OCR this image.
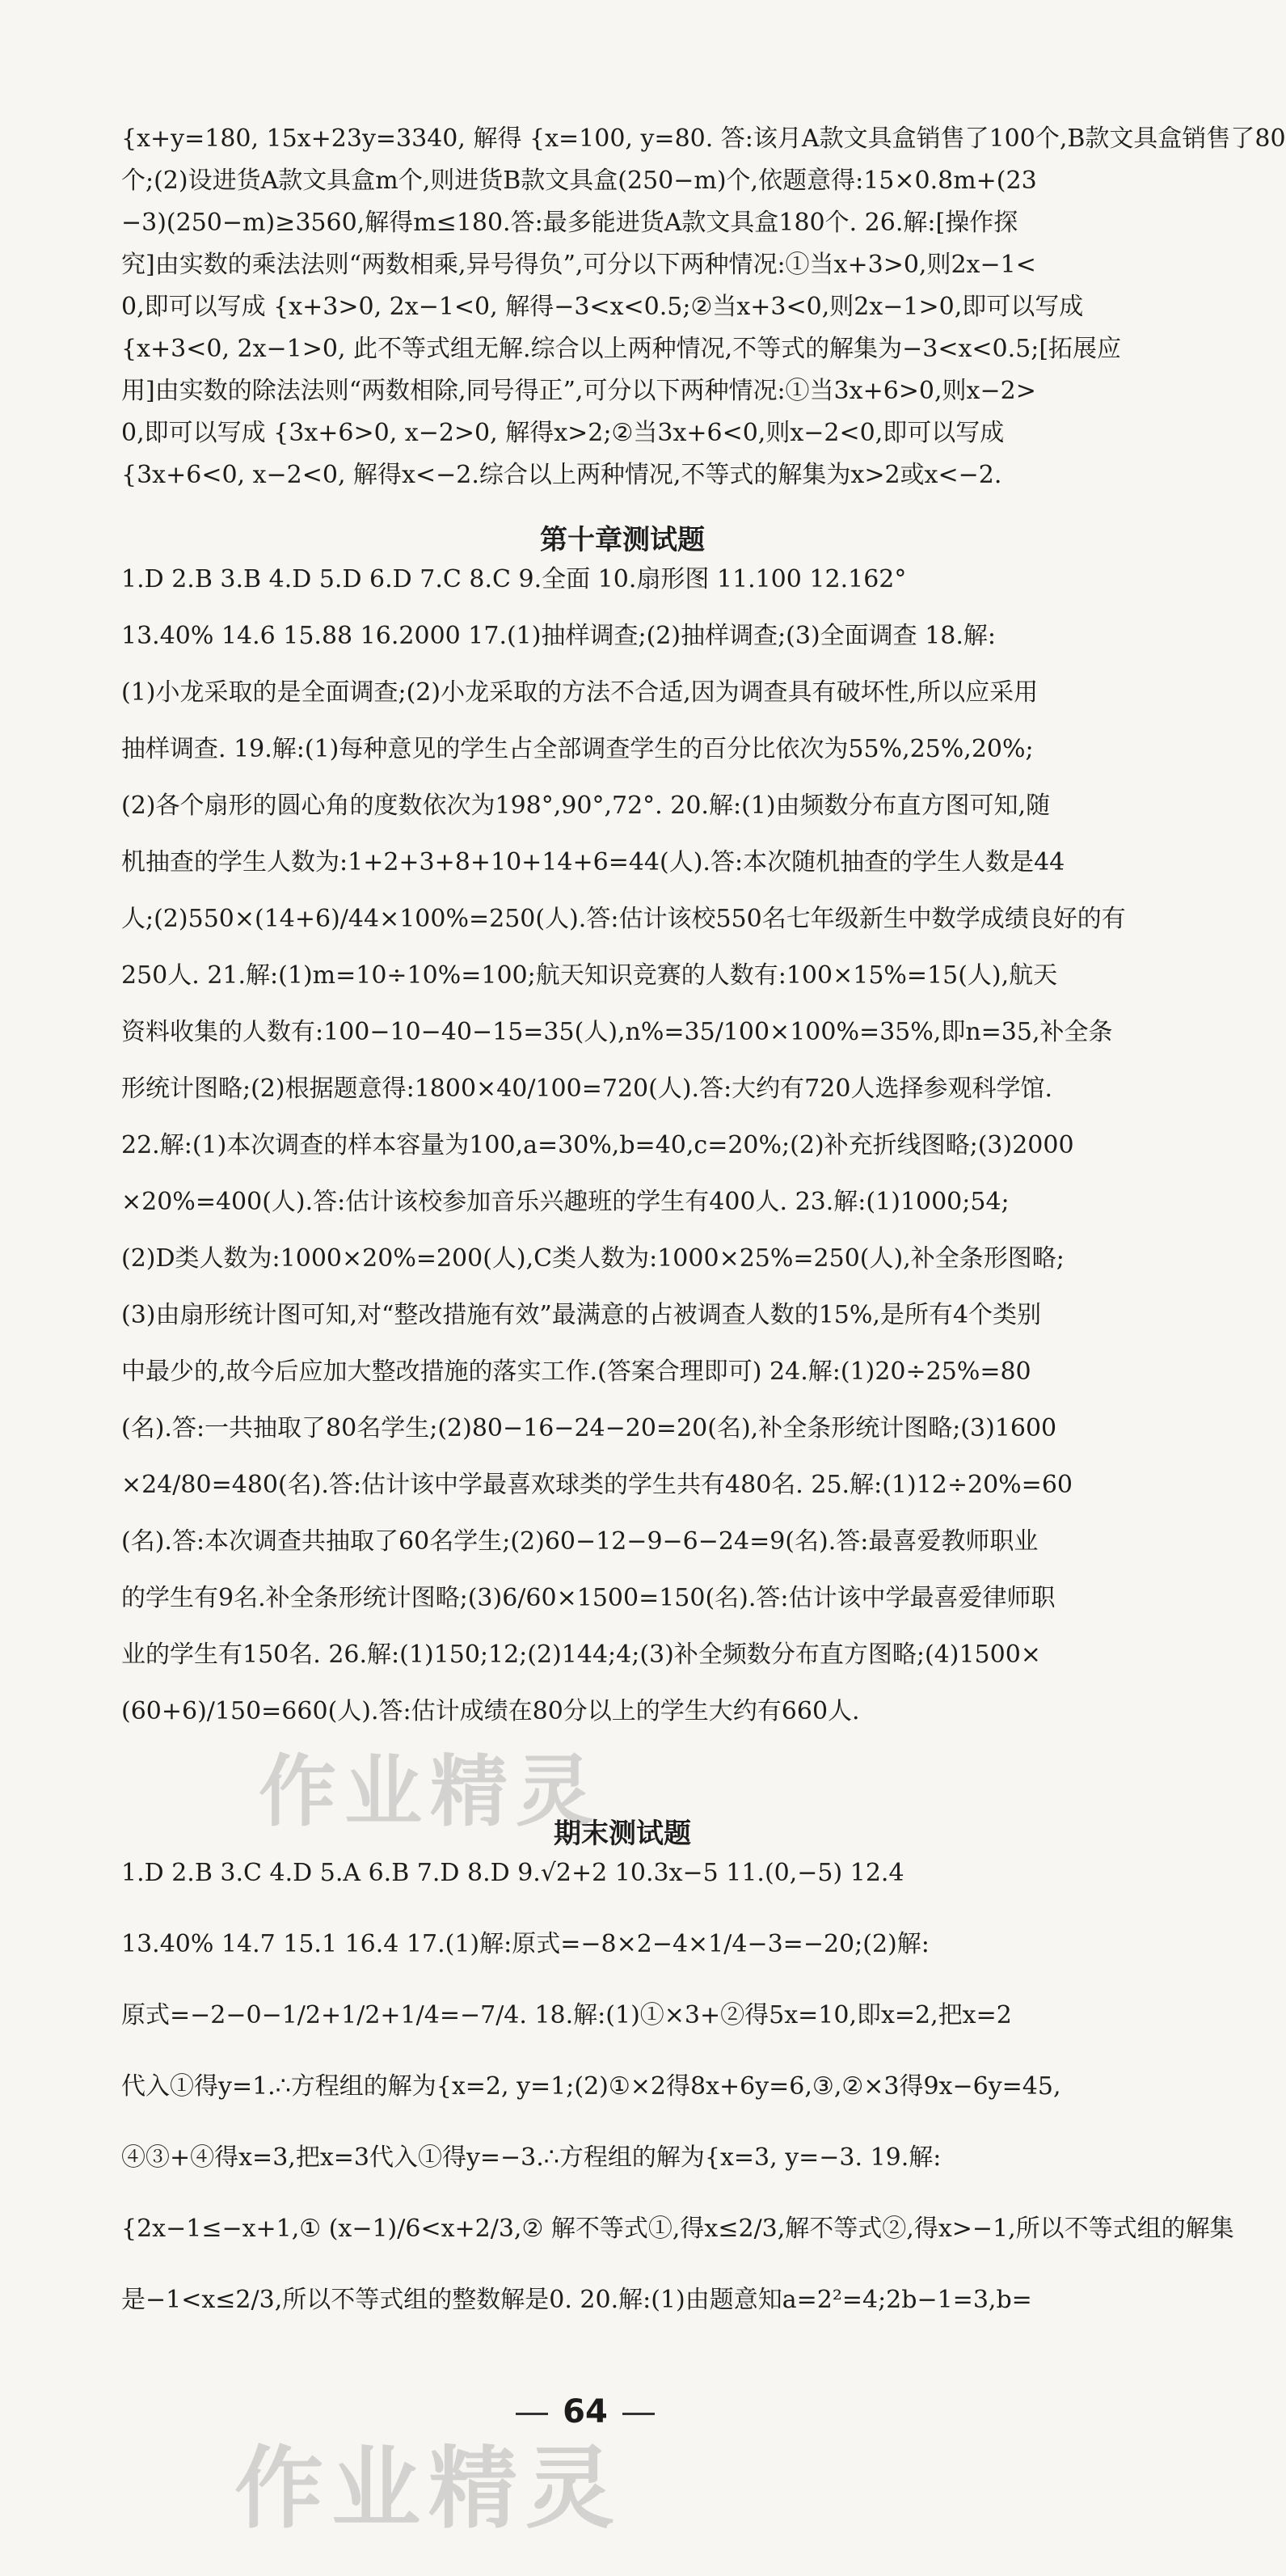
{x+y=180, 15x+23y=3340, 解得 {x=100, y=80. 答:该月A款文具盒销售了100个,B款文具盒销售了80
个;(2)设进货A款文具盒m个,则进货B款文具盒(250−m)个,依题意得:15×0.8m+(23
−3)(250−m)≥3560,解得m≤180.答:最多能进货A款文具盒180个. 26.解:[操作探
究]由实数的乘法法则“两数相乘,异号得负”,可分以下两种情况:①当x+3>0,则2x−1<
0,即可以写成 {x+3>0, 2x−1<0, 解得−3<x<0.5;②当x+3<0,则2x−1>0,即可以写成
{x+3<0, 2x−1>0, 此不等式组无解.综合以上两种情况,不等式的解集为−3<x<0.5;[拓展应
用]由实数的除法法则“两数相除,同号得正”,可分以下两种情况:①当3x+6>0,则x−2>
0,即可以写成 {3x+6>0, x−2>0, 解得x>2;②当3x+6<0,则x−2<0,即可以写成
{3x+6<0, x−2<0, 解得x<−2.综合以上两种情况,不等式的解集为x>2或x<−2.
第十章测试题
1.D 2.B 3.B 4.D 5.D 6.D 7.C 8.C 9.全面 10.扇形图 11.100 12.162°
13.40% 14.6 15.88 16.2000 17.(1)抽样调查;(2)抽样调查;(3)全面调查 18.解:
(1)小龙采取的是全面调查;(2)小龙采取的方法不合适,因为调查具有破坏性,所以应采用
抽样调查. 19.解:(1)每种意见的学生占全部调查学生的百分比依次为55%,25%,20%;
(2)各个扇形的圆心角的度数依次为198°,90°,72°. 20.解:(1)由频数分布直方图可知,随
机抽查的学生人数为:1+2+3+8+10+14+6=44(人).答:本次随机抽查的学生人数是44
人;(2)550×(14+6)/44×100%=250(人).答:估计该校550名七年级新生中数学成绩良好的有
250人. 21.解:(1)m=10÷10%=100;航天知识竞赛的人数有:100×15%=15(人),航天
资料收集的人数有:100−10−40−15=35(人),n%=35/100×100%=35%,即n=35,补全条
形统计图略;(2)根据题意得:1800×40/100=720(人).答:大约有720人选择参观科学馆.
22.解:(1)本次调查的样本容量为100,a=30%,b=40,c=20%;(2)补充折线图略;(3)2000
×20%=400(人).答:估计该校参加音乐兴趣班的学生有400人. 23.解:(1)1000;54;
(2)D类人数为:1000×20%=200(人),C类人数为:1000×25%=250(人),补全条形图略;
(3)由扇形统计图可知,对“整改措施有效”最满意的占被调查人数的15%,是所有4个类别
中最少的,故今后应加大整改措施的落实工作.(答案合理即可) 24.解:(1)20÷25%=80
(名).答:一共抽取了80名学生;(2)80−16−24−20=20(名),补全条形统计图略;(3)1600
×24/80=480(名).答:估计该中学最喜欢球类的学生共有480名. 25.解:(1)12÷20%=60
(名).答:本次调查共抽取了60名学生;(2)60−12−9−6−24=9(名).答:最喜爱教师职业
的学生有9名.补全条形统计图略;(3)6/60×1500=150(名).答:估计该中学最喜爱律师职
业的学生有150名. 26.解:(1)150;12;(2)144;4;(3)补全频数分布直方图略;(4)1500×
(60+6)/150=660(人).答:估计成绩在80分以上的学生大约有660人.
期末测试题
1.D 2.B 3.C 4.D 5.A 6.B 7.D 8.D 9.√2+2 10.3x−5 11.(0,−5) 12.4
13.40% 14.7 15.1 16.4 17.(1)解:原式=−8×2−4×1/4−3=−20;(2)解:
原式=−2−0−1/2+1/2+1/4=−7/4. 18.解:(1)①×3+②得5x=10,即x=2,把x=2
代入①得y=1.∴方程组的解为{x=2, y=1;(2)①×2得8x+6y=6,③,②×3得9x−6y=45,
④③+④得x=3,把x=3代入①得y=−3.∴方程组的解为{x=3, y=−3. 19.解:
{2x−1≤−x+1,① (x−1)/6<x+2/3,② 解不等式①,得x≤2/3,解不等式②,得x>−1,所以不等式组的解集
是−1<x≤2/3,所以不等式组的整数解是0. 20.解:(1)由题意知a=2²=4;2b−1=3,b=
作业精灵
作业精灵
64
